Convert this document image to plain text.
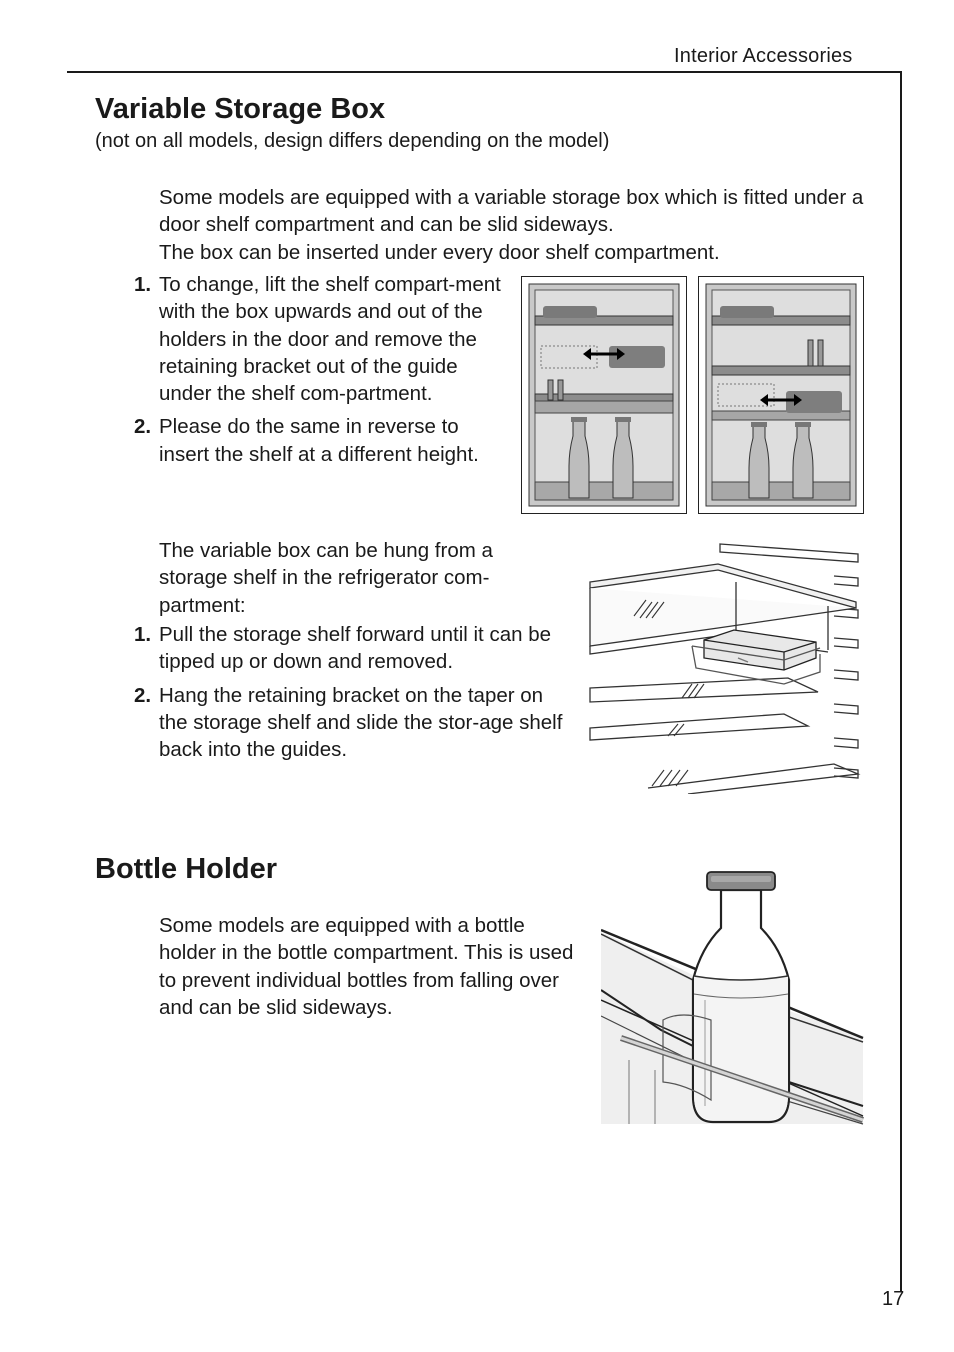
Interior Accessories
17
Variable Storage Box
(not on all models, design differs depending on the model)

Some models are equipped with a variable storage box which is fitted under a door shelf compartment and can be slid sideways.

The box can be inserted under every door shelf compartment.

1. To change, lift the shelf compart-ment with the box upwards and out of the holders in the door and remove the retaining bracket out of the guide under the shelf com-partment.
2. Please do the same in reverse to insert the shelf at a different height.

The variable box can be hung from a storage shelf in the refrigerator com-partment:

1. Pull the storage shelf forward until it can be tipped up or down and removed.
2. Hang the retaining bracket on the taper on the storage shelf and slide the stor-age shelf back into the guides.
Bottle Holder

Some models are equipped with a bottle holder in the bottle compartment. This is used to prevent individual bottles from falling over and can be slid sideways.
